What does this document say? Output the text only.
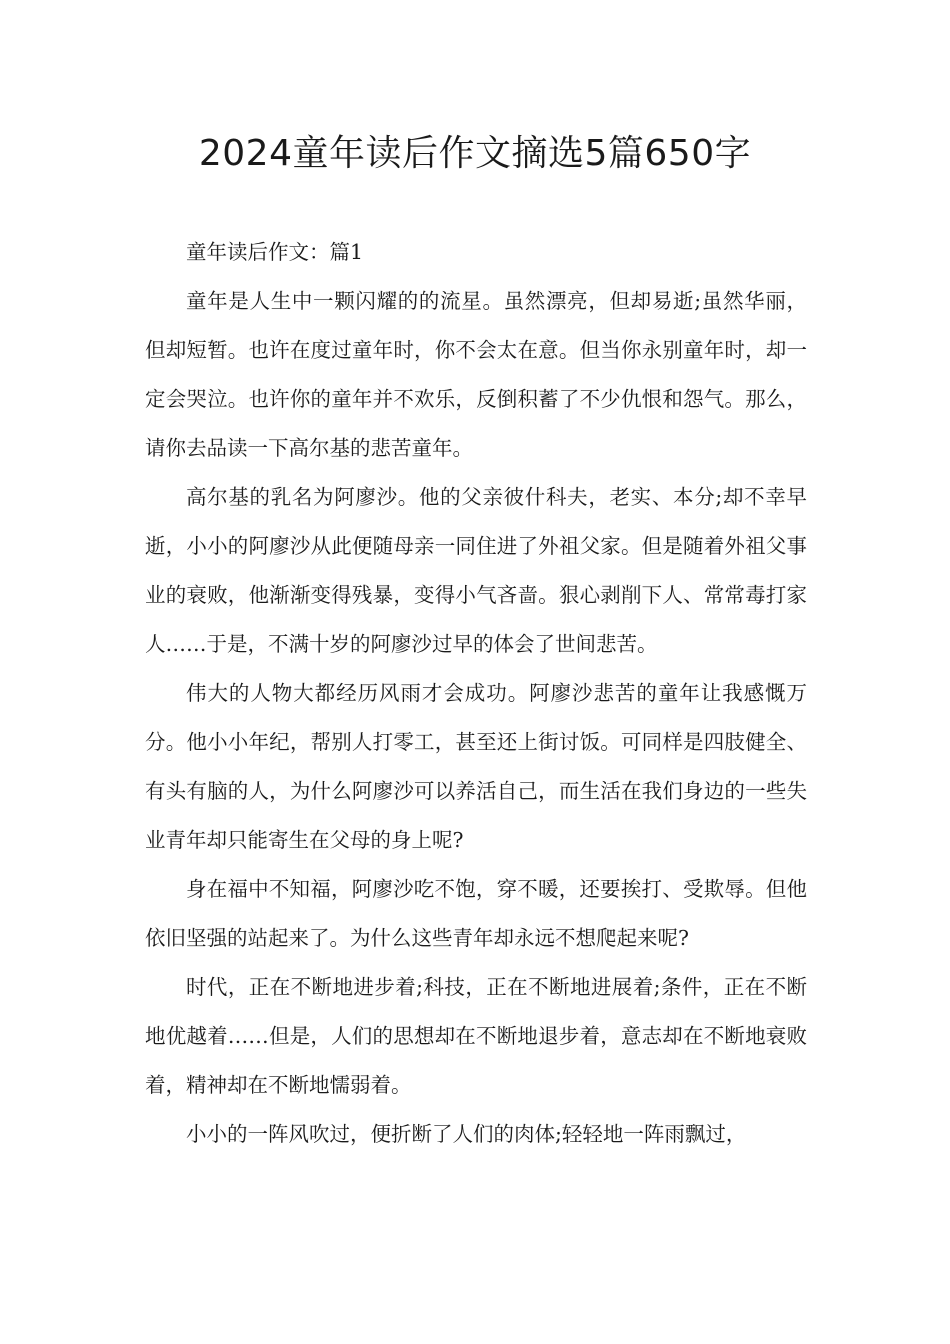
2024童年读后作文摘选5篇650字

童年读后作文：篇1

童年是人生中一颗闪耀的的流星。虽然漂亮，但却易逝;虽然华丽，但却短暂。也许在度过童年时，你不会太在意。但当你永别童年时，却一定会哭泣。也许你的童年并不欢乐，反倒积蓄了不少仇恨和怨气。那么，请你去品读一下高尔基的悲苦童年。

高尔基的乳名为阿廖沙。他的父亲彼什科夫，老实、本分;却不幸早逝，小小的阿廖沙从此便随母亲一同住进了外祖父家。但是随着外祖父事业的衰败，他渐渐变得残暴，变得小气吝啬。狠心剥削下人、常常毒打家人……于是，不满十岁的阿廖沙过早的体会了世间悲苦。

伟大的人物大都经历风雨才会成功。阿廖沙悲苦的童年让我感慨万分。他小小年纪，帮别人打零工，甚至还上街讨饭。可同样是四肢健全、有头有脑的人，为什么阿廖沙可以养活自己，而生活在我们身边的一些失业青年却只能寄生在父母的身上呢?

身在福中不知福，阿廖沙吃不饱，穿不暖，还要挨打、受欺辱。但他依旧坚强的站起来了。为什么这些青年却永远不想爬起来呢?

时代，正在不断地进步着;科技，正在不断地进展着;条件，正在不断地优越着……但是，人们的思想却在不断地退步着，意志却在不断地衰败着，精神却在不断地懦弱着。

小小的一阵风吹过，便折断了人们的肉体;轻轻地一阵雨飘过，
